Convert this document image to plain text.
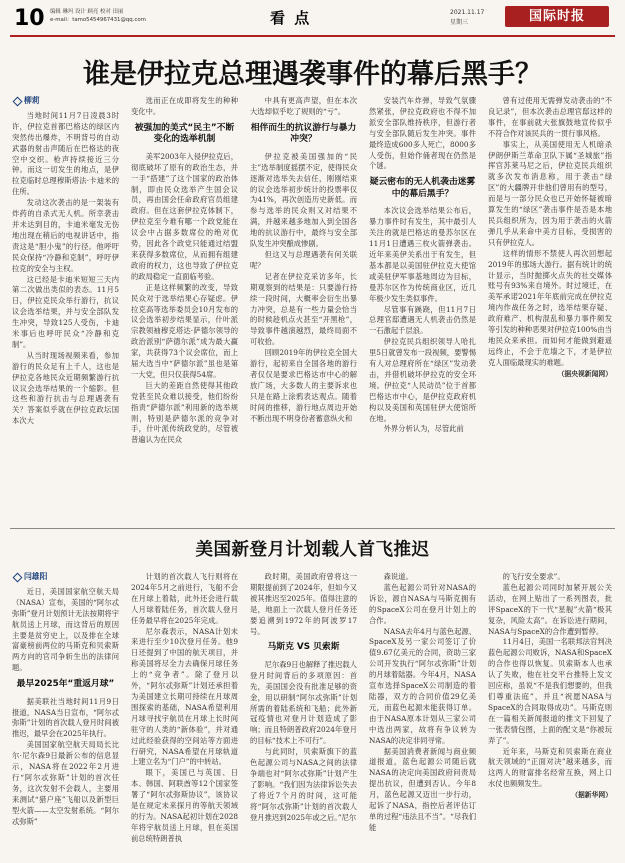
10 编辑 琳玛 设计 顾亮 校对 田丽
e-mail：tamo5454967431@qq.com	看 点	2021.11.17
星期三	国际时报
谁是伊拉克总理遇袭事件的幕后黑手？
柳莉

当地时间11月7日凌晨3时许，伊拉克首都巴格达的绿区内突然传出爆炸，不明背号的自动武器的射击声随后在巴格达的夜空中交织。枪声持续接近三分钟。而这一切发生的地点，是伊拉克临时总理穆斯塔法·卡迪米的住所。

发动这次袭击的是一架装有炸药的自杀式无人机。所幸袭击并未达到目的，卡迪米毫发无伤地出现在稍后的电视讲话中，指责这是“胆小鬼”的行径。他呼吁民众保持“冷静和克制”，呼吁伊拉克的安全与主权。

这已经是卡迪米短短三天内第二次做出类似的表态。11月5日，伊拉克民众举行游行，抗议议会选举结果，并与安全部队发生冲突，导致125人受伤，卡迪米事后也呼吁民众“冷静和克制”。

从当时现场视频来看，参加游行的民众足有上千人，这也是伊拉克各地民众近期频繁游行抗议议会选举结果的一个缩影。但这些和游行抗击与总理遇袭有关？答案似乎就在伊拉克政坛国本次大

选而正在成即将发生的种种变化中。

被强加的美式“民主”不断变化的选举机制

美军2003年入侵伊拉克后，彻底破坏了原有的政治生态，并一手“搭建”了这个国家的政治体制，即由民众选举产生国会议员，再由国会任命政府官员组建政府。但在这套伊拉克体制下，伊拉克至今难有哪一个政党能在议会中占据多数席位的绝对优势，因此各个政党只能通过结盟来获得多数席位，从而拥有组建政府的权力，这也导致了伊拉克的政局稳定一直面临考验。

正是这样频繁的改变，导致民众对于选举结果心存疑虑。伊拉克高等选举委员会10月发布的议会选举初步结果显示，什叶派宗教领袖穆克塔达·萨德尔领导的政治派别“萨德尔派”成为最大赢家，共获得73个议会席位，而上届大选当中“萨德尔派”虽也是第一大党，但只仅获得54席。

巨大的差距自然使得其他政党甚至民众难以接受，他们纷纷指责“萨德尔派”利用新的选举规则，特别是萨德尔派的竞争对手，什叶派传统政党的，尽管被普遍认为在民众

中具有更高声望，但在本次大选却似乎吃了规则的“亏”。

相伴而生的抗议游行与暴力冲突？

伊拉克被美国强加的“民主”选举制度摇摆不定，使得民众逐渐对选举失去信任，刚刚结束的议会选举初步统计的投票率仅为41%，再次创造历史新低。而参与选举的民众则又对结果不满，并越来越多地加入到全国各地的抗议游行中，最终与安全部队发生冲突酿成惨剧。

但这又与总理遇袭有何关联呢？

记者在伊拉克采访多年，长期观察到的结果是：只要游行持续一段时间，大概率会衍生出暴力冲突，总是有一些力量会恰当的时候趁机点火甚至“开黑枪”，导致事件越演越烈，最终局面不可收拾。

回顾2019年的伊拉克全国大游行，起初来自全国各地的游行者仅仅是要求巴格达市中心的解放广场，大多数人的主要诉求也只是在路上涂鸦表达观点。随着时间的推移，游行地点周边开始不断出现不明身份者蓄意纵火和

安装汽车炸弹，导致气氛骤然紧张，伊拉克政府也不得不加派安全部队维持秩序，但游行者与安全部队随后发生冲突。事件最终造成600多人死亡，8000多人受伤，但始作俑者现在仍然是个谜。

疑云密布的无人机袭击迷雾中的幕后黑手？

本次议会选举结果公布后，暴力事件时有发生，其中最引人关注的就是巴格达的曼苏尔区在11月1日遭遇三枚火箭弹袭击。近年来美伊关系出于有发生，但基本都是以美国驻伊拉克大使馆或美驻伊军事基地周边为目标，曼苏尔区作为传统商业区，近几年极少发生类似事件。

尽管事有蹊跷，但11月7日总理官邸遭遇无人机袭击仍然是一石激起千层浪。

伊拉克民兵组织领导人哈扎里5日就曾发布一段视频，要警惕有人对总理府所在“绿区”发动袭击，并借机破坏伊拉克的安全环境。伊拉克“人民动员”位于首都巴格达市中心，是伊拉克政府机构以及美国和英国驻伊大使馆所在地。

外界分析认为，尽管此前

曾有过使用无需弹发动袭击的“不良记录”，但本次袭击总理官邸这样的事件，在事前就大张旗鼓地宣传似乎不符合作对该民兵的一贯行事风格。

事实上，从美国使用无人机暗杀伊朗伊斯兰革命卫队下属“圣城旅”指挥官苏莱马尼之后，伊拉克民兵组织就多次发布消息称，用于袭击“绿区”的大疆牌开非他们曾用有的型号，而是与一部分民众也已开始怀疑被暗算发生的“绿区”袭击事件是否是本地民兵组织所为，因为用于袭击的火箭弹几乎从来命中美方目标，受损害的只有伊拉克人。

这样的情形不禁使人再次回想起2019年的那场大游行。据有统计的统计显示，当时抛掷火点失的社交媒体账号有93%来自境外。时过境迁，在美军承诺2021年年底前完成在伊拉克境内作战任务之时，选举结果存疑、政府难产、机构混乱和暴力事件频发等引发的种种恶果对伊拉克100%由当地民众来承担。而如何才能做到避遥远终止，不会于危墙之下，才是伊拉克人面临最现实的难题。

（据央视新闻网）
美国新登月计划载人首飞推迟
闫雄阳

近日，美国国家航空航天局（NASA）宣布，美国的“阿尔忒弥斯”登月计划预计无法按期将宇航员送上月球，而这背后的原因主要是贫穷史上，以及排在全球富豪榜前两位的马斯克和贝索斯两方向的官司争斩生出的法律问题。

最早2025年“重返月球”

据美联社当地时间11月9日报道，NASA当日宣布，“阿尔忒弥斯”计划的首次载人登月时间被推迟，最早会在2025年执行。

美国国家航空航天局局长比尔·尼尔森9日最新公布的信息显示，NASA将在2022年2月进行“阿尔忒弥斯”计划的首次任务，这次发射不会载人，主要用来测试“猎户座”飞船以及新型巨型火箭——太空发射系统。“阿尔忒弥斯”

计划的首次载人飞行则将在2024年5月之前进行，飞船不会在月球上着陆，此外还会进行载人月球着陆任务，首次载人登月任务最早将在2025年完成。

尼尔森表示，NASA计划未来进行至少10次登月任务。他9日还提到了中国的航天项目，并称美国将尽全力去确保月球任务上的“竞争者”。除了登月以外，“阿尔忒弥斯”计划还承担着为美国建立长期可持续在月球周围探索的基础，NASA希望利用月球寻找宇航员在月球上长时间驻守的人类的“新体验”，并对通过此经验获得的空间站等方面进行研究，NASA希望在月球轨道上建立名为“门户”的中转站。

眼下，美国已与英国、日本、韩国、阿联酋等12个国家签署了“阿尔忒弥斯协议”，该协议是在规定未来探月的等航天领域的行为。NASA起初计划在2028年将宇航员送上月球，但在美国前总统特朗普执

政时期，美国政府曾将这一期限提前到了2024年，但如今又被其推迟至2025年。值得注意的是，地面上一次载人登月任务还要追溯到1972年的阿波罗17号。

马斯克 VS 贝索斯

尼尔森9日也解释了推迟载人登月时间背后的多项原因：首先，美国国会没有批准足够的资金，用以研制“阿尔忒弥斯”计划所需的着陆系统和飞船；此外新冠疫情也对登月计划造成了影响；而且特朗普政府2024年登月的目标“技术上不可行”。

与此同时，贝索斯旗下的蓝色起源公司与NASA之间的法律争端也对“阿尔忒弥斯”计划产生了影响。“我们因为法律诉讼失去了将近7个月的时间，这可能将“阿尔忒弥斯”计划的首次载人登月推迟到2025年或之后。”尼尔

森说道。

蓝色起源公司针对NASA的诉讼，源自NASA与马斯克拥有的SpaceX公司在登月计划上的合作。

NASA去年4月与蓝色起源、SpaceX及另一家公司签订了价值9.67亿美元的合同，资助三家公司开发执行“阿尔忒弥斯”计划的月球着陆器。今年4月，NASA宣布选择SpaceX公司制造的着陆器，双方的合同价值29亿美元，而蓝色起源未能获得订单。由于NASA原本计划从三家公司中选出两家，故将有争议转为NASA的决定非同寻常。

据美国消费者新闻与商业频道报道，蓝色起源公司随后就NASA的决定向美国政府问责局提出抗议，但遭到否认。今年8月，蓝色起源又迈出一步行动，起诉了NASA，指控后者评估订单的过程“违法且不当”。“尽我们能

的飞行安全要求”。

蓝色起源公司同时加紧开展公关活动，在网上贴出了一系列图表，批评SpaceX的下一代“星舰”火箭“极其复杂，风险太高”。在诉讼进行期间，NASA与SpaceX的合作遭到暂停。

11月4日，美国一名联邦法官判决蓝色起源公司败诉，NASA和SpaceX的合作也得以恢复。贝索斯本人也承认了失败，他在社交平台推特上发文回应称，虽说“不是我们想要的，但我们尊重法庭”，并且“祝愿NASA与SpaceX的合同取得成功”。马斯克则在一篇相关新闻报道的推文下回复了一张表情包图，上面的配文是“你被玩弄了”。

近年来，马斯克和贝索斯在商业航天领域的“正面对决”越来越多，而这两人的财富排名经常互换，网上口水仗也频频发生。

（据新华网）
